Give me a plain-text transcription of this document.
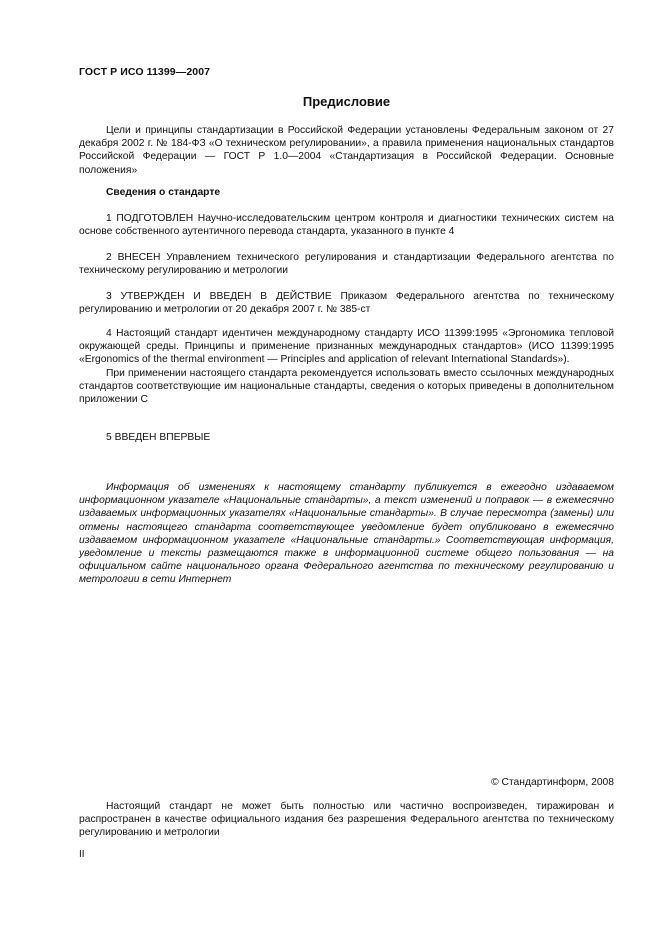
ГОСТ Р ИСО 11399—2007
Предисловие

Цели и принципы стандартизации в Российской Федерации установлены Федеральным законом от 27 декабря 2002 г. № 184-ФЗ «О техническом регулировании», а правила применения национальных стандартов Российской Федерации — ГОСТ Р 1.0—2004 «Стандартизация в Российской Федерации. Основные положения»

Сведения о стандарте

1 ПОДГОТОВЛЕН Научно-исследовательским центром контроля и диагностики технических систем на основе собственного аутентичного перевода стандарта, указанного в пункте 4

2 ВНЕСЕН Управлением технического регулирования и стандартизации Федерального агентства по техническому регулированию и метрологии

3 УТВЕРЖДЕН И ВВЕДЕН В ДЕЙСТВИЕ Приказом Федерального агентства по техническому регулированию и метрологии от 20 декабря 2007 г. № 385-ст

4 Настоящий стандарт идентичен международному стандарту ИСО 11399:1995 «Эргономика тепловой окружающей среды. Принципы и применение признанных международных стандартов» (ИСО 11399:1995 «Ergonomics of the thermal environment — Principles and application of relevant International Standards»).

При применении настоящего стандарта рекомендуется использовать вместо ссылочных международных стандартов соответствующие им национальные стандарты, сведения о которых приведены в дополнительном приложении С

5 ВВЕДЕН ВПЕРВЫЕ

Информация об изменениях к настоящему стандарту публикуется в ежегодно издаваемом информационном указателе «Национальные стандарты», а текст изменений и поправок — в ежемесячно издаваемых информационных указателях «Национальные стандарты». В случае пересмотра (замены) или отмены настоящего стандарта соответствующее уведомление будет опубликовано в ежемесячно издаваемом информационном указателе «Национальные стандарты.» Соответствующая информация, уведомление и тексты размещаются также в информационной системе общего пользования — на официальном сайте национального органа Федерального агентства по техническому регулированию и метрологии в сети Интернет

© Стандартинформ, 2008

Настоящий стандарт не может быть полностью или частично воспроизведен, тиражирован и распространен в качестве официального издания без разрешения Федерального агентства по техническому регулированию и метрологии

II
